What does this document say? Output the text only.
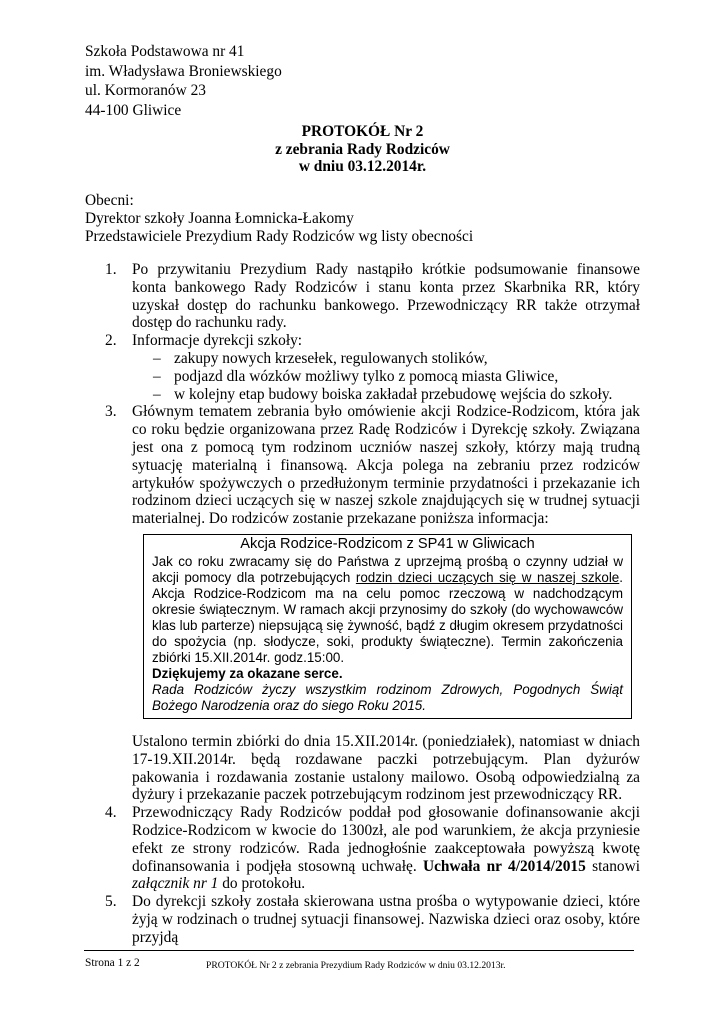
Szkoła Podstawowa nr 41
im. Władysława Broniewskiego
ul. Kormoranów 23
44-100 Gliwice
PROTOKÓŁ Nr 2
z zebrania Rady Rodziców
w dniu 03.12.2014r.
Obecni:
Dyrektor szkoły Joanna Łomnicka-Łakomy
Przedstawiciele Prezydium Rady Rodziców wg listy obecności
1. Po przywitaniu Prezydium Rady nastąpiło krótkie podsumowanie finansowe konta bankowego Rady Rodziców i stanu konta przez Skarbnika RR, który uzyskał dostęp do rachunku bankowego. Przewodniczący RR także otrzymał dostęp do rachunku rady.

2. Informacje dyrekcji szkoły:

– zakupy nowych krzesełek, regulowanych stolików,
– podjazd dla wózków możliwy tylko z pomocą miasta Gliwice,
– w kolejny etap budowy boiska zakładał przebudowę wejścia do szkoły.
3. Głównym tematem zebrania było omówienie akcji Rodzice-Rodzicom, która jak co roku będzie organizowana przez Radę Rodziców i Dyrekcję szkoły. Związana jest ona z pomocą tym rodzinom uczniów naszej szkoły, którzy mają trudną sytuację materialną i finansową. Akcja polega na zebraniu przez rodziców artykułów spożywczych o przedłużonym terminie przydatności i przekazanie ich rodzinom dzieci uczących się w naszej szkole znajdujących się w trudnej sytuacji materialnej. Do rodziców zostanie przekazane poniższa informacja:

Akcja Rodzice-Rodzicom z SP41 w Gliwicach

Jak co roku zwracamy się do Państwa z uprzejmą prośbą o czynny udział w akcji pomocy dla potrzebujących rodzin dzieci uczących się w naszej szkole. Akcja Rodzice-Rodzicom ma na celu pomoc rzeczową w nadchodzącym okresie świątecznym. W ramach akcji przynosimy do szkoły (do wychowawców klas lub parterze) niepsującą się żywność, bądź z długim okresem przydatności do spożycia (np. słodycze, soki, produkty świąteczne). Termin zakończenia zbiórki 15.XII.2014r. godz.15:00.

Dziękujemy za okazane serce.

Rada Rodziców życzy wszystkim rodzinom Zdrowych, Pogodnych Świąt Bożego Narodzenia oraz do siego Roku 2015.

Ustalono termin zbiórki do dnia 15.XII.2014r. (poniedziałek), natomiast w dniach 17-19.XII.2014r. będą rozdawane paczki potrzebującym. Plan dyżurów pakowania i rozdawania zostanie ustalony mailowo. Osobą odpowiedzialną za dyżury i przekazanie paczek potrzebującym rodzinom jest przewodniczący RR.
4. Przewodniczący Rady Rodziców poddał pod głosowanie dofinansowanie akcji Rodzice-Rodzicom w kwocie do 1300zł, ale pod warunkiem, że akcja przyniesie efekt ze strony rodziców. Rada jednogłośnie zaakceptowała powyższą kwotę dofinansowania i podjęła stosowną uchwałę. Uchwała nr 4/2014/2015 stanowi załącznik nr 1 do protokołu.

5. Do dyrekcji szkoły została skierowana ustna prośba o wytypowanie dzieci, które żyją w rodzinach o trudnej sytuacji finansowej. Nazwiska dzieci oraz osoby, które przyjdą

Strona 1 z 2	PROTOKÓŁ Nr 2 z zebrania Prezydium Rady Rodziców w dniu 03.12.2013r.
